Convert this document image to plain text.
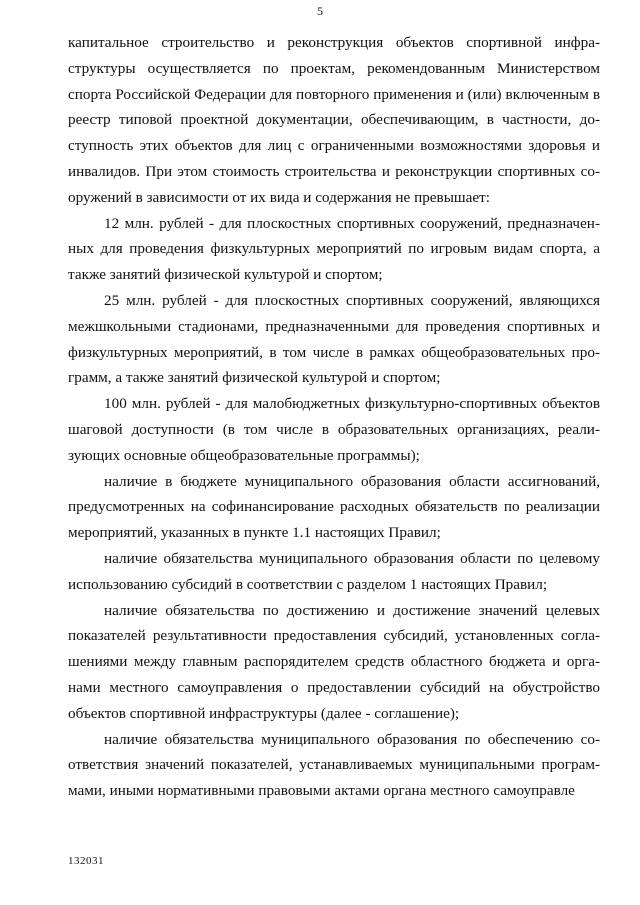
5

капитальное строительство и реконструкция объектов спортивной инфраструктуры осуществляется по проектам, рекомендованным Министерством спорта Российской Федерации для повторного применения и (или) включенным в реестр типовой проектной документации, обеспечивающим, в частности, доступность этих объектов для лиц с ограниченными возможностями здоровья и инвалидов. При этом стоимость строительства и реконструкции спортивных сооружений в зависимости от их вида и содержания не превышает:

12 млн. рублей - для плоскостных спортивных сооружений, предназначенных для проведения физкультурных мероприятий по игровым видам спорта, а также занятий физической культурой и спортом;

25 млн. рублей - для плоскостных спортивных сооружений, являющихся межшкольными стадионами, предназначенными для проведения спортивных и физкультурных мероприятий, в том числе в рамках общеобразовательных программ, а также занятий физической культурой и спортом;

100 млн. рублей - для малобюджетных физкультурно-спортивных объектов шаговой доступности (в том числе в образовательных организациях, реализующих основные общеобразовательные программы);

наличие в бюджете муниципального образования области ассигнований, предусмотренных на софинансирование расходных обязательств по реализации мероприятий, указанных в пункте 1.1 настоящих Правил;

наличие обязательства муниципального образования области по целевому использованию субсидий в соответствии с разделом 1 настоящих Правил;

наличие обязательства по достижению и достижение значений целевых показателей результативности предоставления субсидий, установленных соглашениями между главным распорядителем средств областного бюджета и органами местного самоуправления о предоставлении субсидий на обустройство объектов спортивной инфраструктуры (далее - соглашение);

наличие обязательства муниципального образования по обеспечению соответствия значений показателей, устанавливаемых муниципальными программами, иными нормативными правовыми актами органа местного самоуправле

132031
